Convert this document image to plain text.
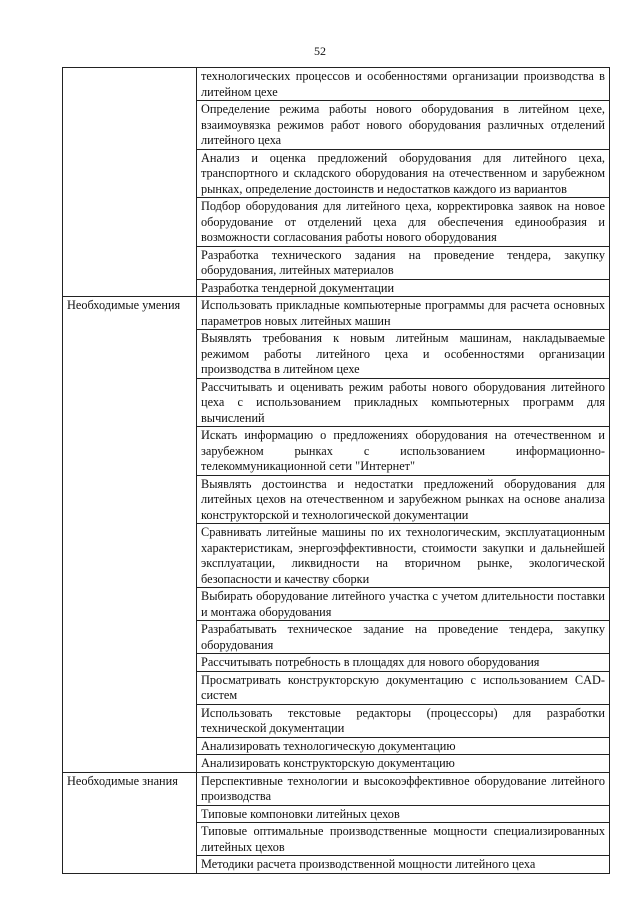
52
	технологических процессов и особенностями организации производства в литейном цехе
	Определение режима работы нового оборудования в литейном цехе, взаимоувязка режимов работ нового оборудования различных отделений литейного цеха
	Анализ и оценка предложений оборудования для литейного цеха, транспортного и складского оборудования на отечественном и зарубежном рынках, определение достоинств и недостатков каждого из вариантов
	Подбор оборудования для литейного цеха, корректировка заявок на новое оборудование от отделений цеха для обеспечения единообразия и возможности согласования работы нового оборудования
	Разработка технического задания на проведение тендера, закупку оборудования, литейных материалов
	Разработка тендерной документации
Необходимые умения	Использовать прикладные компьютерные программы для расчета основных параметров новых литейных машин
	Выявлять требования к новым литейным машинам, накладываемые режимом работы литейного цеха и особенностями организации производства в литейном цехе
	Рассчитывать и оценивать режим работы нового оборудования литейного цеха с использованием прикладных компьютерных программ для вычислений
	Искать информацию о предложениях оборудования на отечественном и зарубежном рынках с использованием информационно-телекоммуникационной сети "Интернет"
	Выявлять достоинства и недостатки предложений оборудования для литейных цехов на отечественном и зарубежном рынках на основе анализа конструкторской и технологической документации
	Сравнивать литейные машины по их технологическим, эксплуатационным характеристикам, энергоэффективности, стоимости закупки и дальнейшей эксплуатации, ликвидности на вторичном рынке, экологической безопасности и качеству сборки
	Выбирать оборудование литейного участка с учетом длительности поставки и монтажа оборудования
	Разрабатывать техническое задание на проведение тендера, закупку оборудования
	Рассчитывать потребность в площадях для нового оборудования
	Просматривать конструкторскую документацию с использованием CAD-систем
	Использовать текстовые редакторы (процессоры) для разработки технической документации
	Анализировать технологическую документацию
	Анализировать конструкторскую документацию
Необходимые знания	Перспективные технологии и высокоэффективное оборудование литейного производства
	Типовые компоновки литейных цехов
	Типовые оптимальные производственные мощности специализированных литейных цехов
	Методики расчета производственной мощности литейного цеха
